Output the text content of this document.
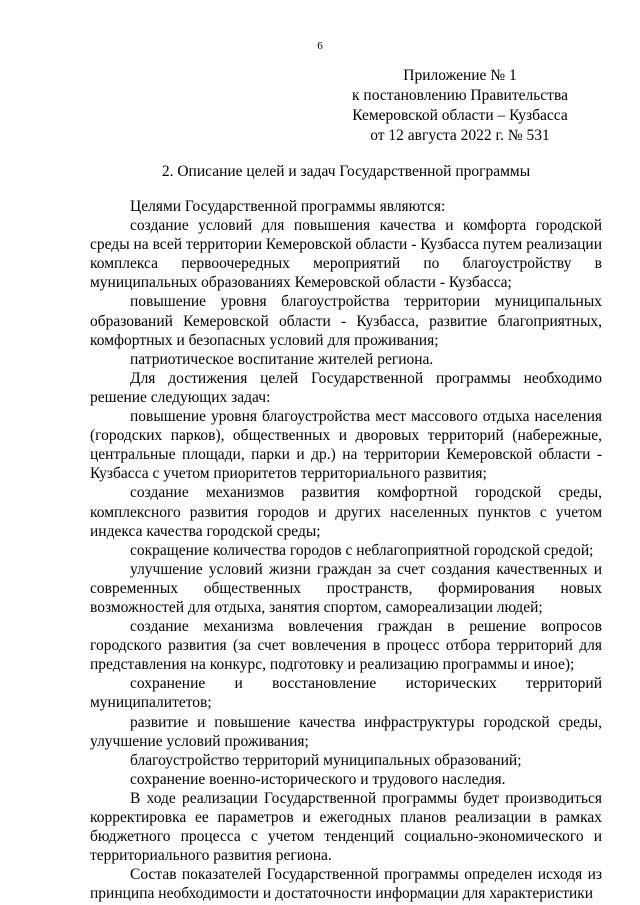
6
Приложение № 1
к постановлению Правительства
Кемеровской области – Кузбасса
от 12 августа 2022 г. № 531
2. Описание целей и задач Государственной программы

Целями Государственной программы являются:

создание условий для повышения качества и комфорта городской среды на всей территории Кемеровской области - Кузбасса путем реализации комплекса первоочередных мероприятий по благоустройству в муниципальных образованиях Кемеровской области - Кузбасса;

повышение уровня благоустройства территории муниципальных образований Кемеровской области - Кузбасса, развитие благоприятных, комфортных и безопасных условий для проживания;

патриотическое воспитание жителей региона.

Для достижения целей Государственной программы необходимо решение следующих задач:

повышение уровня благоустройства мест массового отдыха населения (городских парков), общественных и дворовых территорий (набережные, центральные площади, парки и др.) на территории Кемеровской области - Кузбасса с учетом приоритетов территориального развития;

создание механизмов развития комфортной городской среды, комплексного развития городов и других населенных пунктов с учетом индекса качества городской среды;

сокращение количества городов с неблагоприятной городской средой;

улучшение условий жизни граждан за счет создания качественных и современных общественных пространств, формирования новых возможностей для отдыха, занятия спортом, самореализации людей;

создание механизма вовлечения граждан в решение вопросов городского развития (за счет вовлечения в процесс отбора территорий для представления на конкурс, подготовку и реализацию программы и иное);

сохранение и восстановление исторических территорий муниципалитетов;

развитие и повышение качества инфраструктуры городской среды, улучшение условий проживания;

благоустройство территорий муниципальных образований;

сохранение военно-исторического и трудового наследия.

В ходе реализации Государственной программы будет производиться корректировка ее параметров и ежегодных планов реализации в рамках бюджетного процесса с учетом тенденций социально-экономического и территориального развития региона.

Состав показателей Государственной программы определен исходя из принципа необходимости и достаточности информации для характеристики
